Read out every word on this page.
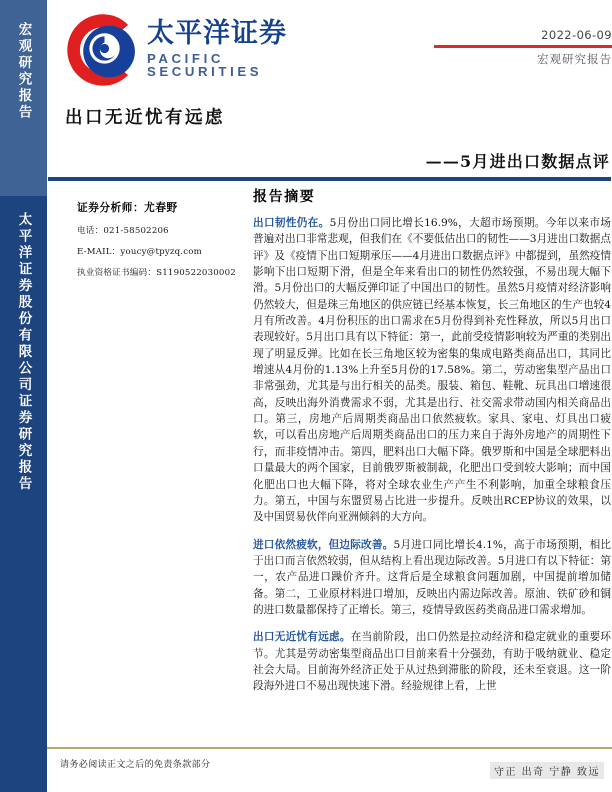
宏观研究报告
太平洋证券股份有限公司证券研究报告
太平洋证券
PACIFIC SECURITIES
2022-06-09
宏观研究报告
出口无近忧有远虑
——5月进出口数据点评
证券分析师：尤春野
电话：021-58502206
E-MAIL：youcy@tpyzq.com
执业资格证书编码：S1190522030002
报告摘要

出口韧性仍在。5月份出口同比增长16.9%，大超市场预期。今年以来市场普遍对出口非常悲观，但我们在《不要低估出口的韧性——3月进出口数据点评》及《疫情下出口短期承压——4月进出口数据点评》中都提到，虽然疫情影响下出口短期下滑，但是全年来看出口的韧性仍然较强，不易出现大幅下滑。5月份出口的大幅反弹印证了中国出口的韧性。虽然5月疫情对经济影响仍然较大，但是珠三角地区的供应链已经基本恢复，长三角地区的生产也较4月有所改善。4月份积压的出口需求在5月份得到补充性释放，所以5月出口表现较好。5月出口具有以下特征：第一，此前受疫情影响较为严重的类别出现了明显反弹。比如在长三角地区较为密集的集成电路类商品出口，其同比增速从4月份的1.13%上升至5月份的17.58%。第二，劳动密集型产品出口非常强劲，尤其是与出行相关的品类。服装、箱包、鞋靴、玩具出口增速很高，反映出海外消费需求不弱，尤其是出行、社交需求带动国内相关商品出口。第三，房地产后周期类商品出口依然疲软。家具、家电、灯具出口疲软，可以看出房地产后周期类商品出口的压力来自于海外房地产的周期性下行，而非疫情冲击。第四，肥料出口大幅下降。俄罗斯和中国是全球肥料出口量最大的两个国家，目前俄罗斯被制裁，化肥出口受到较大影响；而中国化肥出口也大幅下降，将对全球农业生产产生不利影响，加重全球粮食压力。第五，中国与东盟贸易占比进一步提升。反映出RCEP协议的效果，以及中国贸易伙伴向亚洲倾斜的大方向。

进口依然疲软，但边际改善。5月进口同比增长4.1%，高于市场预期，相比于出口而言依然较弱，但从结构上看出现边际改善。5月进口有以下特征：第一，农产品进口躁价齐升。这背后是全球粮食问题加剧，中国提前增加储备。第二，工业原材料进口增加，反映出内需边际改善。原油、铁矿砂和铜的进口数量都保持了正增长。第三，疫情导致医药类商品进口需求增加。

出口无近忧有远虑。在当前阶段，出口仍然是拉动经济和稳定就业的重要环节。尤其是劳动密集型商品出口目前来看十分强劲，有助于吸纳就业、稳定社会大局。目前海外经济正处于从过热到滞胀的阶段，还未至衰退。这一阶段海外进口不易出现快速下滑。经验规律上看，上世

请务必阅读正文之后的免责条款部分
守正 出奇 宁静 致远
